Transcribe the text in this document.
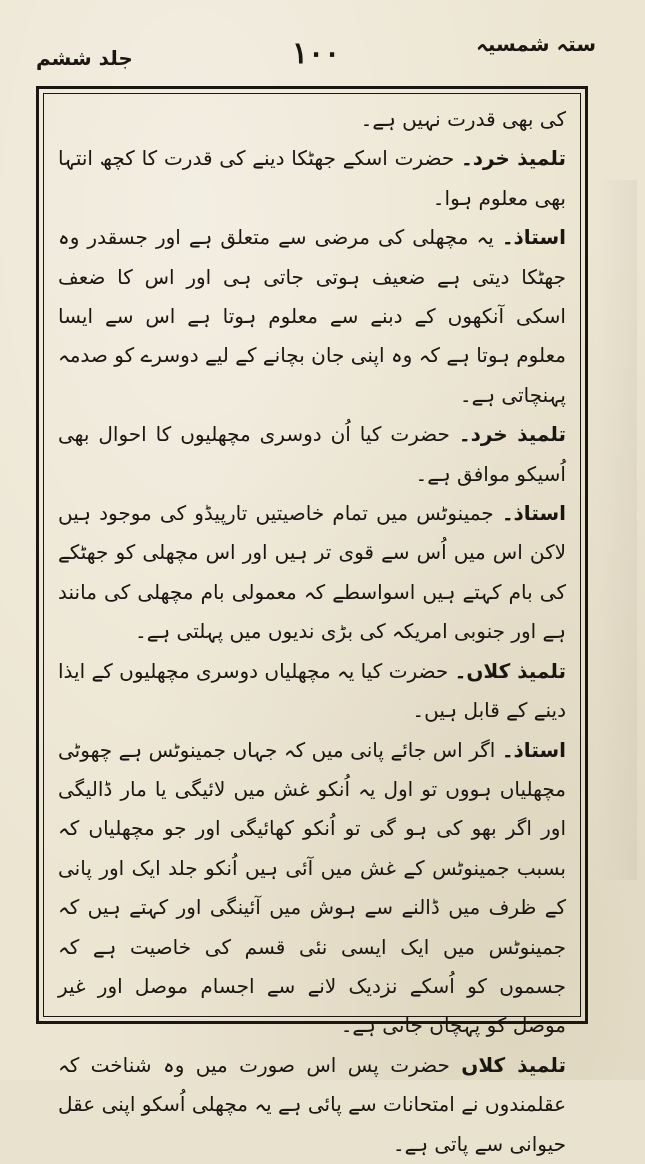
جلد ششم	۱۰۰	ستہ شمسیہ

کی بھی قدرت نہیں ہے۔

تلمیذ خرد۔ حضرت اسکے جھٹکا دینے کی قدرت کا کچھ انتہا بھی معلوم ہوا۔

استاذ۔ یہ مچھلی کی مرضی سے متعلق ہے اور جسقدر وہ جھٹکا دیتی ہے ضعیف ہوتی جاتی ہی اور اس کا ضعف اسکی آنکھوں کے دبنے سے معلوم ہوتا ہے اس سے ایسا معلوم ہوتا ہے کہ وہ اپنی جان بچانے کے لیے دوسرے کو صدمہ پہنچاتی ہے۔

تلمیذ خرد۔ حضرت کیا اُن دوسری مچھلیوں کا احوال بھی اُسیکو موافق ہے۔

استاذ۔ جمینوٹس میں تمام خاصیتیں تارپیڈو کی موجود ہیں لاکن اس میں اُس سے قوی تر ہیں اور اس مچھلی کو جھٹکے کی بام کہتے ہیں اسواسطے کہ معمولی بام مچھلی کی مانند ہے اور جنوبی امریکہ کی بڑی ندیوں میں پہلتی ہے۔

تلمیذ کلاں۔ حضرت کیا یہ مچھلیاں دوسری مچھلیوں کے ایذا دینے کے قابل ہیں۔

استاذ۔ اگر اس جائے پانی میں کہ جہاں جمینوٹس ہے چھوٹی مچھلیاں ہووں تو اول یہ اُنکو غش میں لائیگی یا مار ڈالیگی اور اگر بھو کی ہو گی تو اُنکو کھائیگی اور جو مچھلیاں کہ بسبب جمینوٹس کے غش میں آئی ہیں اُنکو جلد ایک اور پانی کے ظرف میں ڈالنے سے ہوش میں آئینگی اور کہتے ہیں کہ جمینوٹس میں ایک ایسی نئی قسم کی خاصیت ہے کہ جسموں کو اُسکے نزدیک لانے سے اجسام موصل اور غیر موصل کو پہچان جاتی ہے۔

تلمیذ کلاں حضرت پس اس صورت میں وہ شناخت کہ عقلمندوں نے امتحانات سے پائی ہے یہ مچھلی اُسکو اپنی عقل حیوانی سے پاتی ہے۔
